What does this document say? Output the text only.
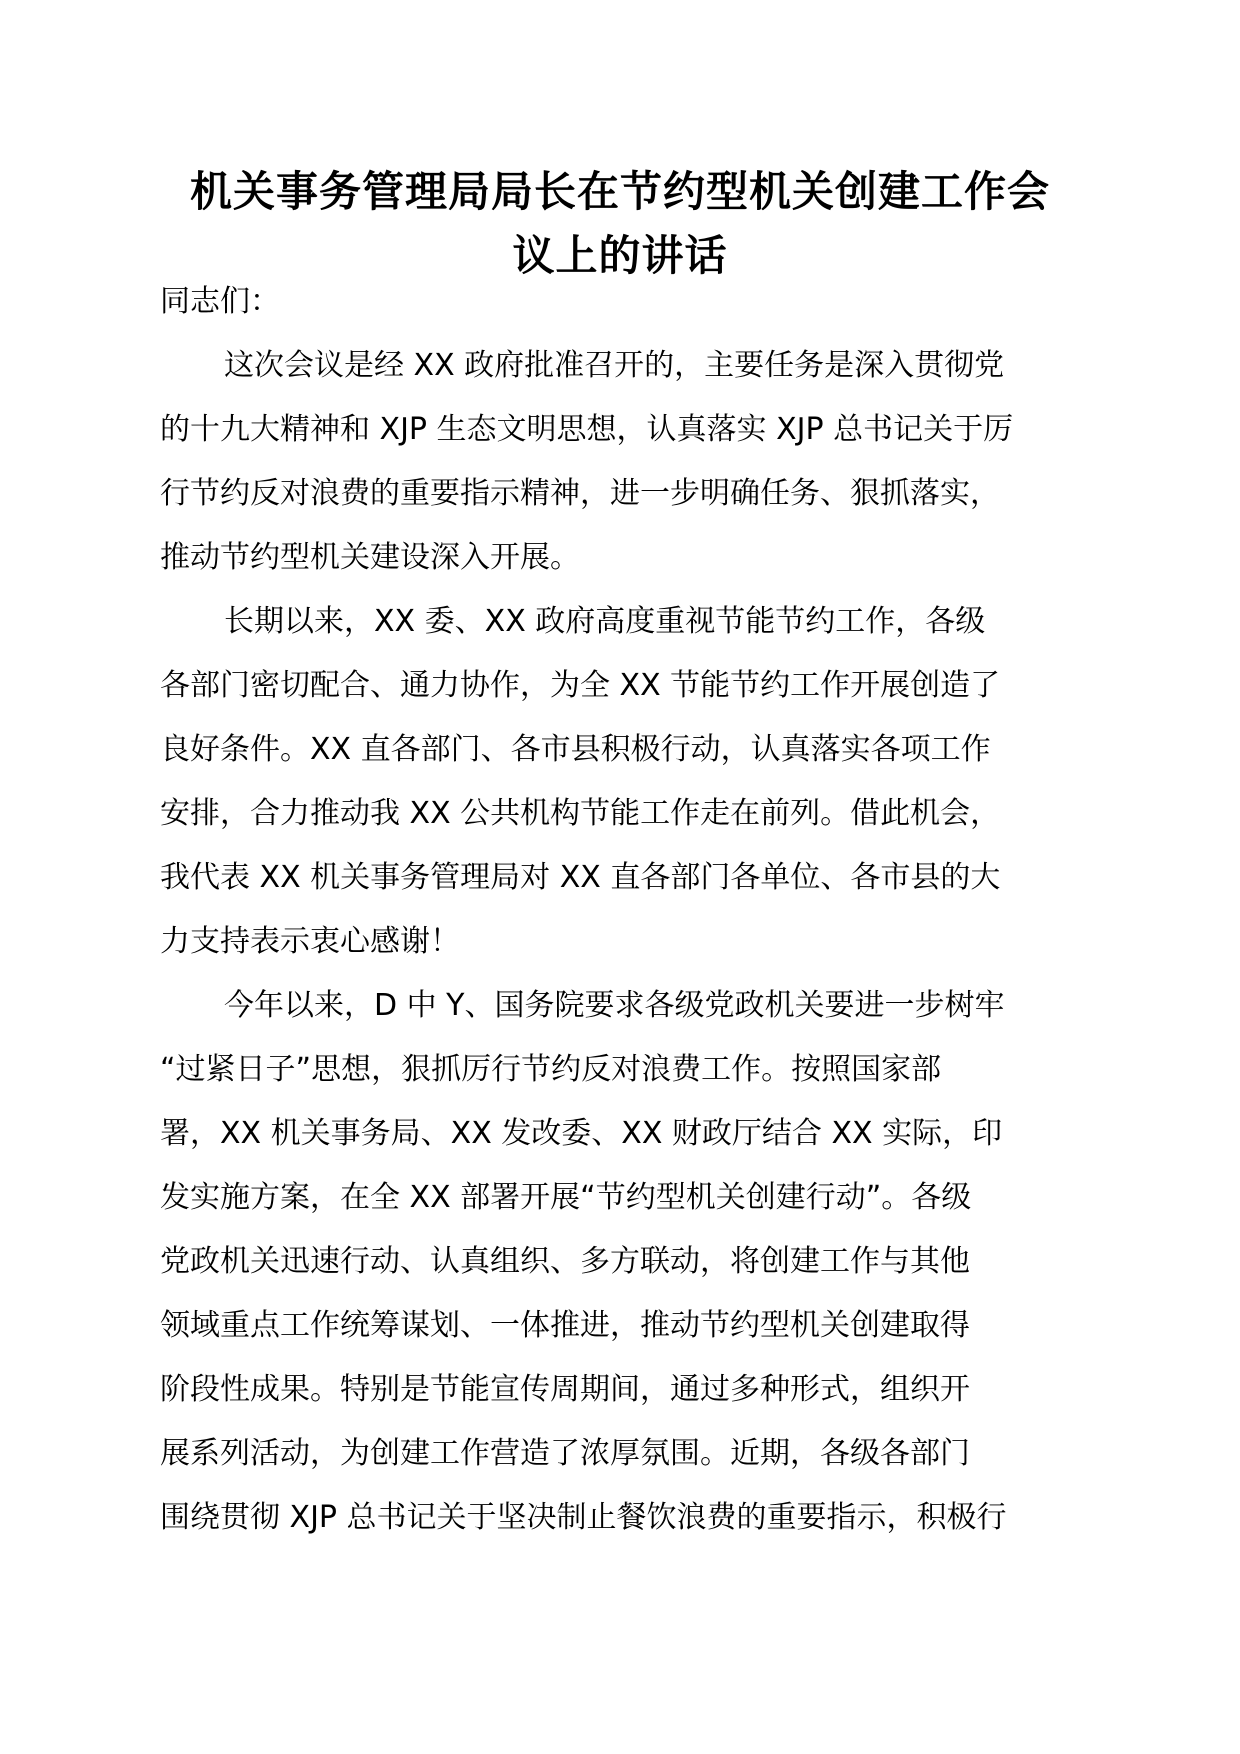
机关事务管理局局长在节约型机关创建工作会
议上的讲话

同志们：

这次会议是经 XX 政府批准召开的，主要任务是深入贯彻党
的十九大精神和 XJP 生态文明思想，认真落实 XJP 总书记关于厉
行节约反对浪费的重要指示精神，进一步明确任务、狠抓落实，
推动节约型机关建设深入开展。

长期以来，XX 委、XX 政府高度重视节能节约工作，各级
各部门密切配合、通力协作，为全 XX 节能节约工作开展创造了
良好条件。XX 直各部门、各市县积极行动，认真落实各项工作
安排，合力推动我 XX 公共机构节能工作走在前列。借此机会，
我代表 XX 机关事务管理局对 XX 直各部门各单位、各市县的大
力支持表示衷心感谢！

今年以来，D 中 Y、国务院要求各级党政机关要进一步树牢
“过紧日子”思想，狠抓厉行节约反对浪费工作。按照国家部
署，XX 机关事务局、XX 发改委、XX 财政厅结合 XX 实际，印
发实施方案，在全 XX 部署开展“节约型机关创建行动”。各级
党政机关迅速行动、认真组织、多方联动，将创建工作与其他
领域重点工作统筹谋划、一体推进，推动节约型机关创建取得
阶段性成果。特别是节能宣传周期间，通过多种形式，组织开
展系列活动，为创建工作营造了浓厚氛围。近期，各级各部门
围绕贯彻 XJP 总书记关于坚决制止餐饮浪费的重要指示，积极行
